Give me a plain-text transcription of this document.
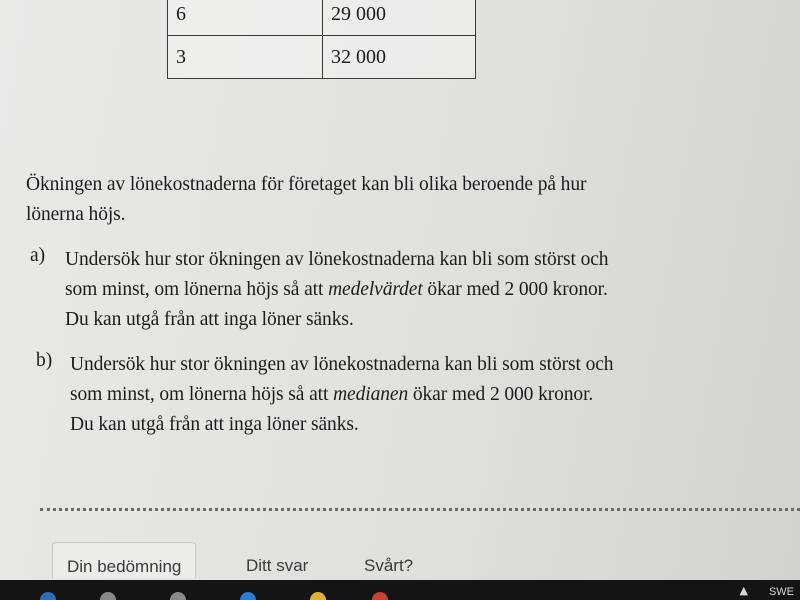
6	29 000
3	32 000
Ökningen av lönekostnaderna för företaget kan bli olika beroende på hur
lönerna höjs.
a) Undersök hur stor ökningen av lönekostnaderna kan bli som störst och
som minst, om lönerna höjs så att medelvärdet ökar med 2 000 kronor.
Du kan utgå från att inga löner sänks.
b) Undersök hur stor ökningen av lönekostnaderna kan bli som störst och
som minst, om lönerna höjs så att medianen ökar med 2 000 kronor.
Du kan utgå från att inga löner sänks.
Din bedömning	Ditt svar	Svårt?
▲ SWE
